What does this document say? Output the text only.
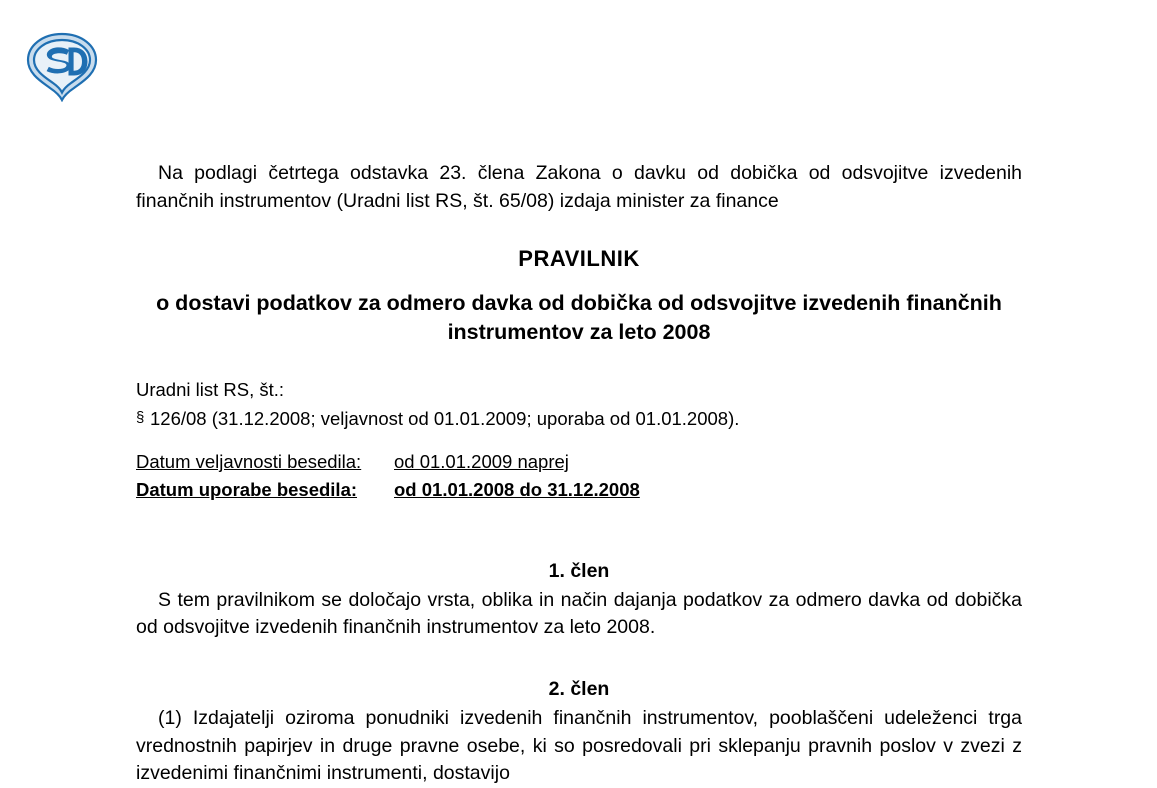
Na podlagi četrtega odstavka 23. člena Zakona o davku od dobička od odsvojitve izvedenih finančnih instrumentov (Uradni list RS, št. 65/08) izdaja minister za finance

PRAVILNIK
o dostavi podatkov za odmero davka od dobička od odsvojitve izvedenih finančnih instrumentov za leto 2008
Uradni list RS, št.:
§ 126/08 (31.12.2008; veljavnost od 01.01.2009; uporaba od 01.01.2008).
Datum veljavnosti besedila: od 01.01.2009 naprej
Datum uporabe besedila: od 01.01.2008 do 31.12.2008
1. člen

S tem pravilnikom se določajo vrsta, oblika in način dajanja podatkov za odmero davka od dobička od odsvojitve izvedenih finančnih instrumentov za leto 2008.

2. člen

(1) Izdajatelji oziroma ponudniki izvedenih finančnih instrumentov, pooblaščeni udeleženci trga vrednostnih papirjev in druge pravne osebe, ki so posredovali pri sklepanju pravnih poslov v zvezi z izvedenimi finančnimi instrumenti, dostavijo
